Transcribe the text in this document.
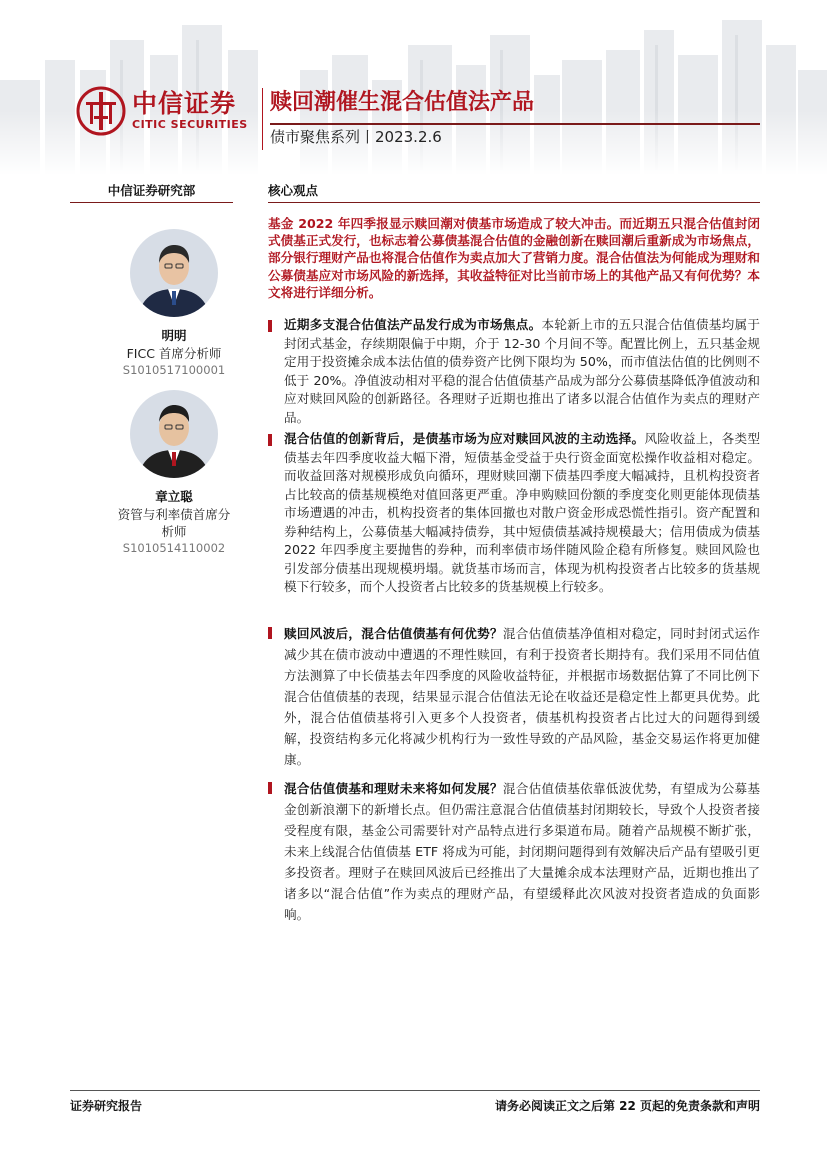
中信证券
CITIC SECURITIES
赎回潮催生混合估值法产品
债市聚焦系列丨2023.2.6
中信证券研究部
明明
FICC 首席分析师
S1010517100001
章立聪
资管与利率债首席分析师
S1010514110002
核心观点
基金 2022 年四季报显示赎回潮对债基市场造成了较大冲击。而近期五只混合估值封闭式债基正式发行，也标志着公募债基混合估值的金融创新在赎回潮后重新成为市场焦点，部分银行理财产品也将混合估值作为卖点加大了营销力度。混合估值法为何能成为理财和公募债基应对市场风险的新选择，其收益特征对比当前市场上的其他产品又有何优势？本文将进行详细分析。
近期多支混合估值法产品发行成为市场焦点。本轮新上市的五只混合估值债基均属于封闭式基金，存续期限偏于中期，介于 12-30 个月间不等。配置比例上，五只基金规定用于投资摊余成本法估值的债券资产比例下限均为 50%，而市值法估值的比例则不低于 20%。净值波动相对平稳的混合估值债基产品成为部分公募债基降低净值波动和应对赎回风险的创新路径。各理财子近期也推出了诸多以混合估值作为卖点的理财产品。
混合估值的创新背后，是债基市场为应对赎回风波的主动选择。风险收益上，各类型债基去年四季度收益大幅下滑，短债基金受益于央行资金面宽松操作收益相对稳定。而收益回落对规模形成负向循环，理财赎回潮下债基四季度大幅减持，且机构投资者占比较高的债基规模绝对值回落更严重。净申购赎回份额的季度变化则更能体现债基市场遭遇的冲击，机构投资者的集体回撤也对散户资金形成恐慌性指引。资产配置和券种结构上，公募债基大幅减持债券，其中短债债基减持规模最大；信用债成为债基 2022 年四季度主要抛售的券种，而利率债市场伴随风险企稳有所修复。赎回风险也引发部分债基出现规模坍塌。就货基市场而言，体现为机构投资者占比较多的货基规模下行较多，而个人投资者占比较多的货基规模上行较多。
赎回风波后，混合估值债基有何优势？混合估值债基净值相对稳定，同时封闭式运作减少其在债市波动中遭遇的不理性赎回，有利于投资者长期持有。我们采用不同估值方法测算了中长债基去年四季度的风险收益特征，并根据市场数据估算了不同比例下混合估值债基的表现，结果显示混合估值法无论在收益还是稳定性上都更具优势。此外，混合估值债基将引入更多个人投资者，债基机构投资者占比过大的问题得到缓解，投资结构多元化将减少机构行为一致性导致的产品风险，基金交易运作将更加健康。
混合估值债基和理财未来将如何发展？混合估值债基依靠低波优势，有望成为公募基金创新浪潮下的新增长点。但仍需注意混合估值债基封闭期较长，导致个人投资者接受程度有限，基金公司需要针对产品特点进行多渠道布局。随着产品规模不断扩张，未来上线混合估值债基 ETF 将成为可能，封闭期问题得到有效解决后产品有望吸引更多投资者。理财子在赎回风波后已经推出了大量摊余成本法理财产品，近期也推出了诸多以“混合估值”作为卖点的理财产品，有望缓释此次风波对投资者造成的负面影响。
证券研究报告	请务必阅读正文之后第 22 页起的免责条款和声明
